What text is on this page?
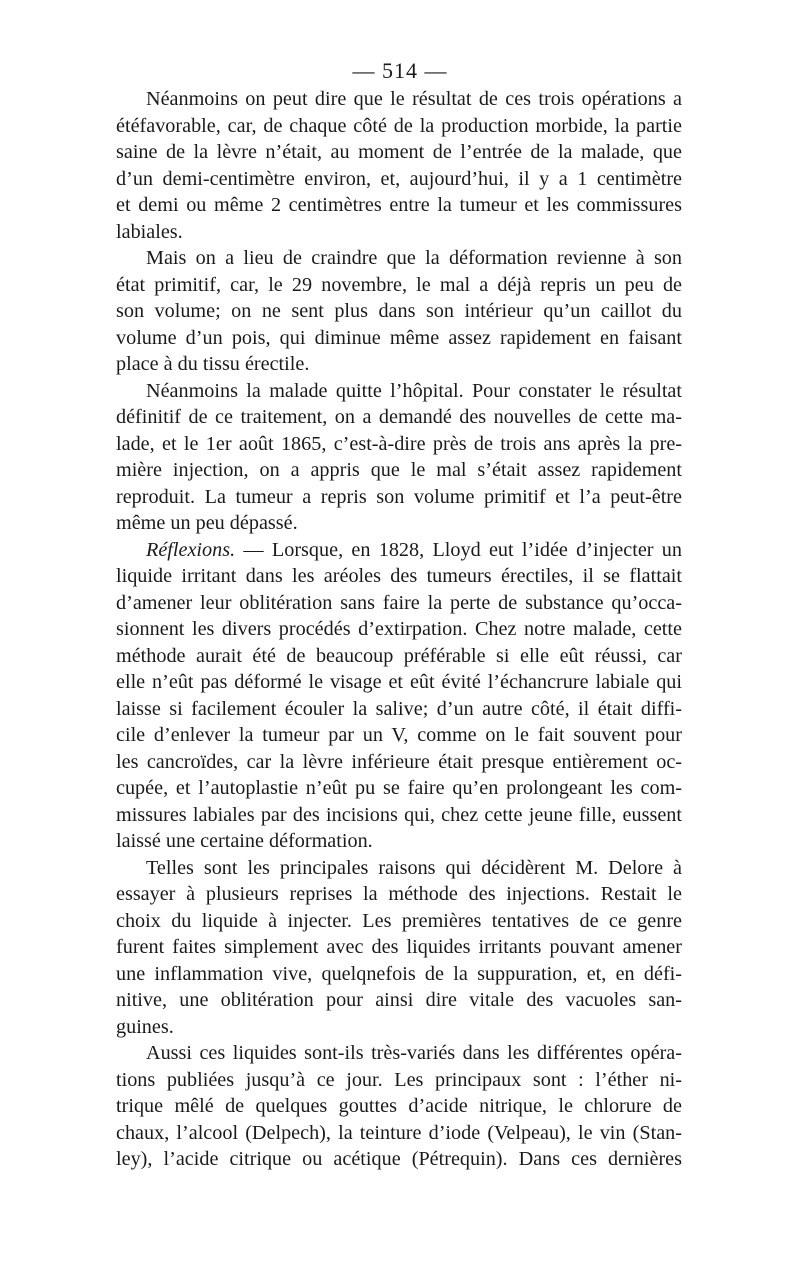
— 514 —
Néanmoins on peut dire que le résultat de ces trois opérations a
étéfavorable, car, de chaque côté de la production morbide, la partie
saine de la lèvre n’était, au moment de l’entrée de la malade, que
d’un demi-centimètre environ, et, aujourd’hui, il y a 1 centimètre
et demi ou même 2 centimètres entre la tumeur et les commissures
labiales.
Mais on a lieu de craindre que la déformation revienne à son
état primitif, car, le 29 novembre, le mal a déjà repris un peu de
son volume; on ne sent plus dans son intérieur qu’un caillot du
volume d’un pois, qui diminue même assez rapidement en faisant
place à du tissu érectile.
Néanmoins la malade quitte l’hôpital. Pour constater le résultat
définitif de ce traitement, on a demandé des nouvelles de cette ma-
lade, et le 1er août 1865, c’est-à-dire près de trois ans après la pre-
mière injection, on a appris que le mal s’était assez rapidement
reproduit. La tumeur a repris son volume primitif et l’a peut-être
même un peu dépassé.
Réflexions. — Lorsque, en 1828, Lloyd eut l’idée d’injecter un
liquide irritant dans les aréoles des tumeurs érectiles, il se flattait
d’amener leur oblitération sans faire la perte de substance qu’occa-
sionnent les divers procédés d’extirpation. Chez notre malade, cette
méthode aurait été de beaucoup préférable si elle eût réussi, car
elle n’eût pas déformé le visage et eût évité l’échancrure labiale qui
laisse si facilement écouler la salive; d’un autre côté, il était diffi-
cile d’enlever la tumeur par un V, comme on le fait souvent pour
les cancroïdes, car la lèvre inférieure était presque entièrement oc-
cupée, et l’autoplastie n’eût pu se faire qu’en prolongeant les com-
missures labiales par des incisions qui, chez cette jeune fille, eussent
laissé une certaine déformation.
Telles sont les principales raisons qui décidèrent M. Delore à
essayer à plusieurs reprises la méthode des injections. Restait le
choix du liquide à injecter. Les premières tentatives de ce genre
furent faites simplement avec des liquides irritants pouvant amener
une inflammation vive, quelqnefois de la suppuration, et, en défi-
nitive, une oblitération pour ainsi dire vitale des vacuoles san-
guines.
Aussi ces liquides sont-ils très-variés dans les différentes opéra-
tions publiées jusqu’à ce jour. Les principaux sont : l’éther ni-
trique mêlé de quelques gouttes d’acide nitrique, le chlorure de
chaux, l’alcool (Delpech), la teinture d’iode (Velpeau), le vin (Stan-
ley), l’acide citrique ou acétique (Pétrequin). Dans ces dernières
